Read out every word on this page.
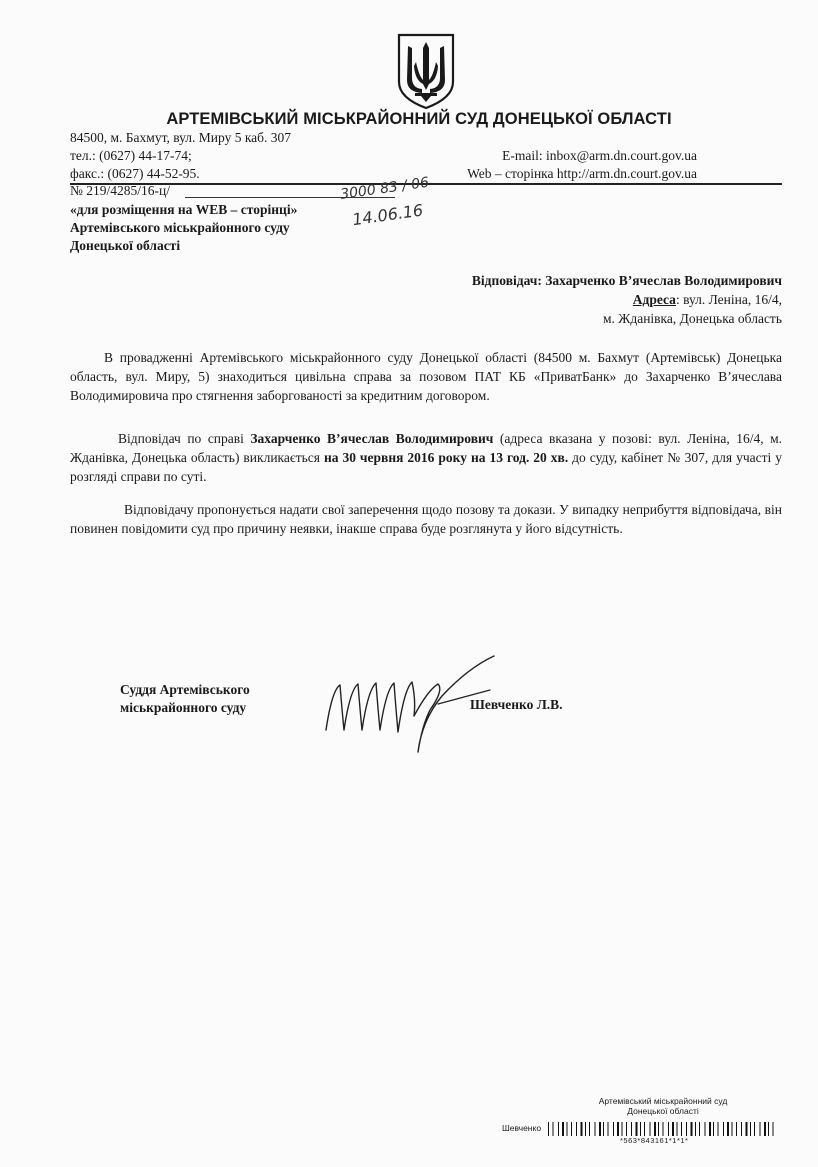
АРТЕМІВСЬКИЙ МІСЬКРАЙОННИЙ СУД ДОНЕЦЬКОЇ ОБЛАСТІ
84500, м. Бахмут, вул. Миру 5 каб. 307
тел.: (0627) 44-17-74;
факс.: (0627) 44-52-95.
E-mail: inbox@arm.dn.court.gov.ua
Web – сторінка http://arm.dn.court.gov.ua
№ 219/4285/16-ц/	3000 83 / 06
14.06.16
«для розміщення на WEB – сторінці»
Артемівського міськрайонного суду
Донецької області
Відповідач: Захарченко В’ячеслав Володимирович
Адреса: вул. Леніна, 16/4,
м. Жданівка, Донецька область
В провадженні Артемівського міськрайонного суду Донецької області (84500 м. Бахмут (Артемівськ) Донецька область, вул. Миру, 5) знаходиться цивільна справа за позовом ПАТ КБ «ПриватБанк» до Захарченко В’ячеслава Володимировича про стягнення заборгованості за кредитним договором.
Відповідач по справі Захарченко В’ячеслав Володимирович (адреса вказана у позові: вул. Леніна, 16/4, м. Жданівка, Донецька область) викликається на 30 червня 2016 року на 13 год. 20 хв. до суду, кабінет № 307, для участі у розгляді справи по суті.
Відповідачу пропонується надати свої заперечення щодо позову та докази. У випадку неприбуття відповідача, він повинен повідомити суд про причину неявки, інакше справа буде розглянута у його відсутність.
Суддя Артемівського
міськрайонного суду	Шевченко Л.В.
Артемівський міськрайонний суд
Донецької області
Шевченко
*563*843161*1*1*
